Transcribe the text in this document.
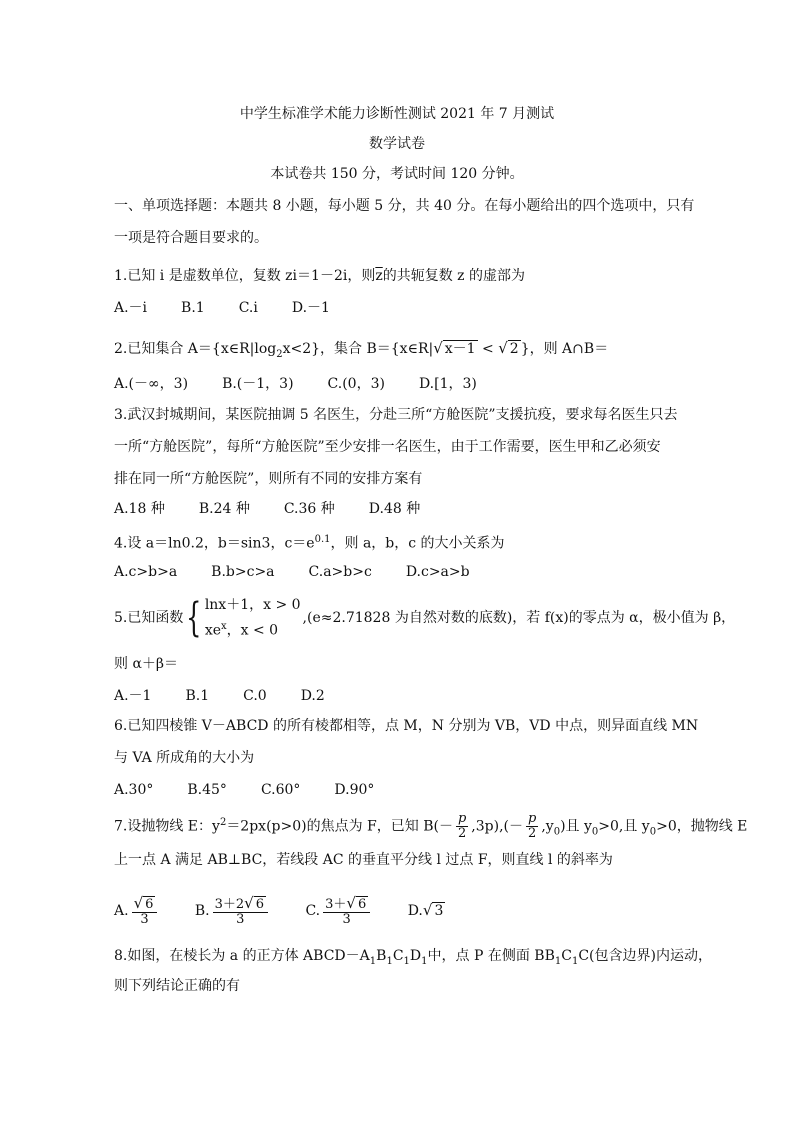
中学生标准学术能力诊断性测试 2021 年 7 月测试
数学试卷
本试卷共 150 分，考试时间 120 分钟。
一、单项选择题：本题共 8 小题，每小题 5 分，共 40 分。在每小题给出的四个选项中，只有
一项是符合题目要求的。
1.已知 i 是虚数单位，复数 zi＝1－2i，则$\overline{z}$的共轭复数 z 的虚部为
A.－i B.1 C.i D.－1
2.已知集合 $A=\{x\in R|\log_2x<2\}$，集合 B＝{x∈R|√ x－1 < √ 2 }，则 A∩B＝
A.(－∞，3) B.(－1，3) C.(0，3) D.[1，3)
3.武汉封城期间，某医院抽调 5 名医生，分赴三所“方舱医院”支援抗疫，要求每名医生只去
一所“方舱医院”，每所“方舱医院”至少安排一名医生，由于工作需要，医生甲和乙必须安
排在同一所“方舱医院”，则所有不同的安排方案有
A.18 种 B.24 种 C.36 种 D.48 种
4.设 a＝ln0.2，b＝sin3，$c=e^{0.1}$，则 a，b，c 的大小关系为
A.c>b>a B.b>c>a C.a>b>c D.c>a>b
5.已知函数{ lnx＋1，x > 0
$xe^x$，x < 0
,(e≈2.71828 为自然对数的底数)，若 f(x)的零点为 α，极小值为 β，
则 α＋β＝
A.－1 B.1 C.0 D.2
6.已知四棱锥 V－ABCD 的所有棱都相等，点 M，N 分别为 VB，VD 中点，则异面直线 MN
与 VA 所成角的大小为
A.30° B.45° C.60° D.90°
7.设抛物线 E：$y^2=2px(p>0)$的焦点为 F，已知 $B(- \frac{p}{2} ,3p),(- \frac{p}{2} ,y_0)$且 $y_0>0$,且 $y_0>0$，抛物线 E
上一点 A 满足 AB⊥BC，若线段 AC 的垂直平分线 l 过点 F，则直线 l 的斜率为
A. $\frac{√ 6}{3}$	B. $\frac{3+2√ 6}{3}$	C. $\frac{3+√ 6}{3}$	D.√ 3
8.如图，在棱长为 a 的正方体 $ABCD-A_1B_1C_1D_1$中，点 P 在侧面 $BB_1C_1C$(包含边界)内运动，
则下列结论正确的有
